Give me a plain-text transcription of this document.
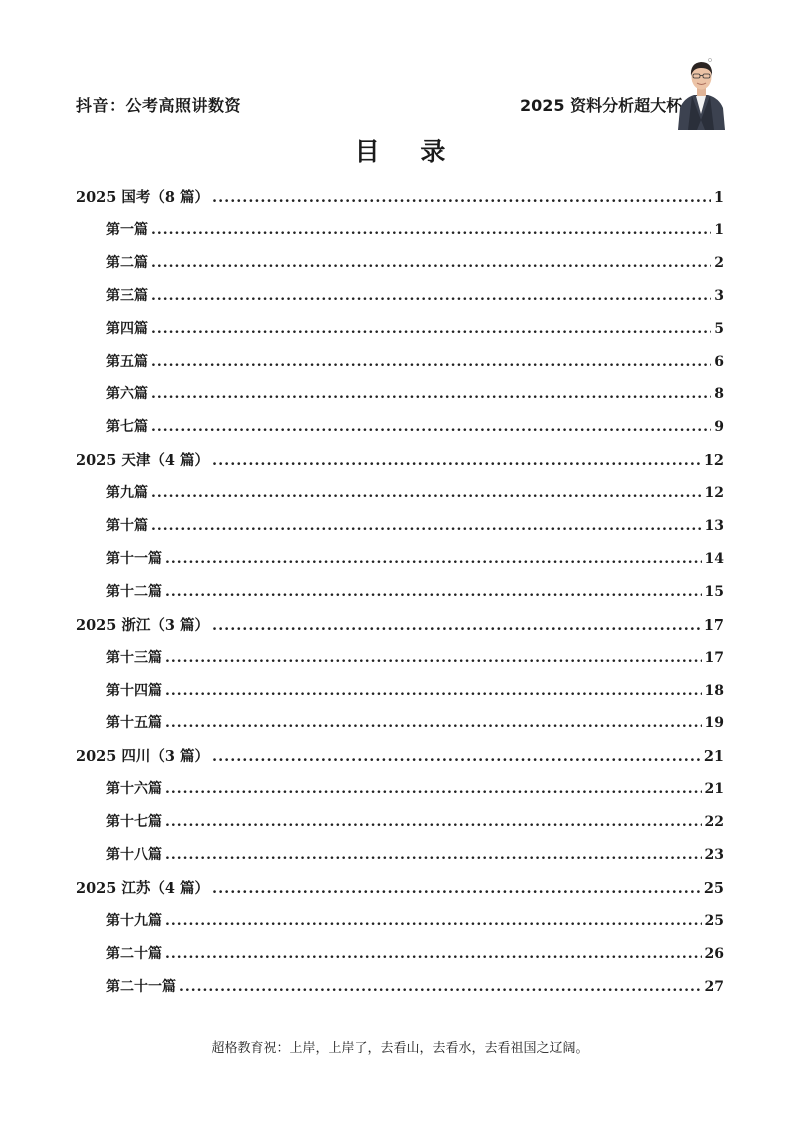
抖音：公考高照讲数资	2025 资料分析超大杯
目 录
2025 国考（8 篇） .....	1
第一篇 .....	1
第二篇 .....	2
第三篇 .....	3
第四篇 .....	5
第五篇 .....	6
第六篇 .....	8
第七篇 .....	9
2025 天津（4 篇） .....	12
第九篇 .....	12
第十篇 .....	13
第十一篇 .....	14
第十二篇 .....	15
2025 浙江（3 篇） .....	17
第十三篇 .....	17
第十四篇 .....	18
第十五篇 .....	19
2025 四川（3 篇） .....	21
第十六篇 .....	21
第十七篇 .....	22
第十八篇 .....	23
2025 江苏（4 篇） .....	25
第十九篇 .....	25
第二十篇 .....	26
第二十一篇 .....	27
超格教育祝：上岸，上岸了，去看山，去看水，去看祖国之辽阔。
